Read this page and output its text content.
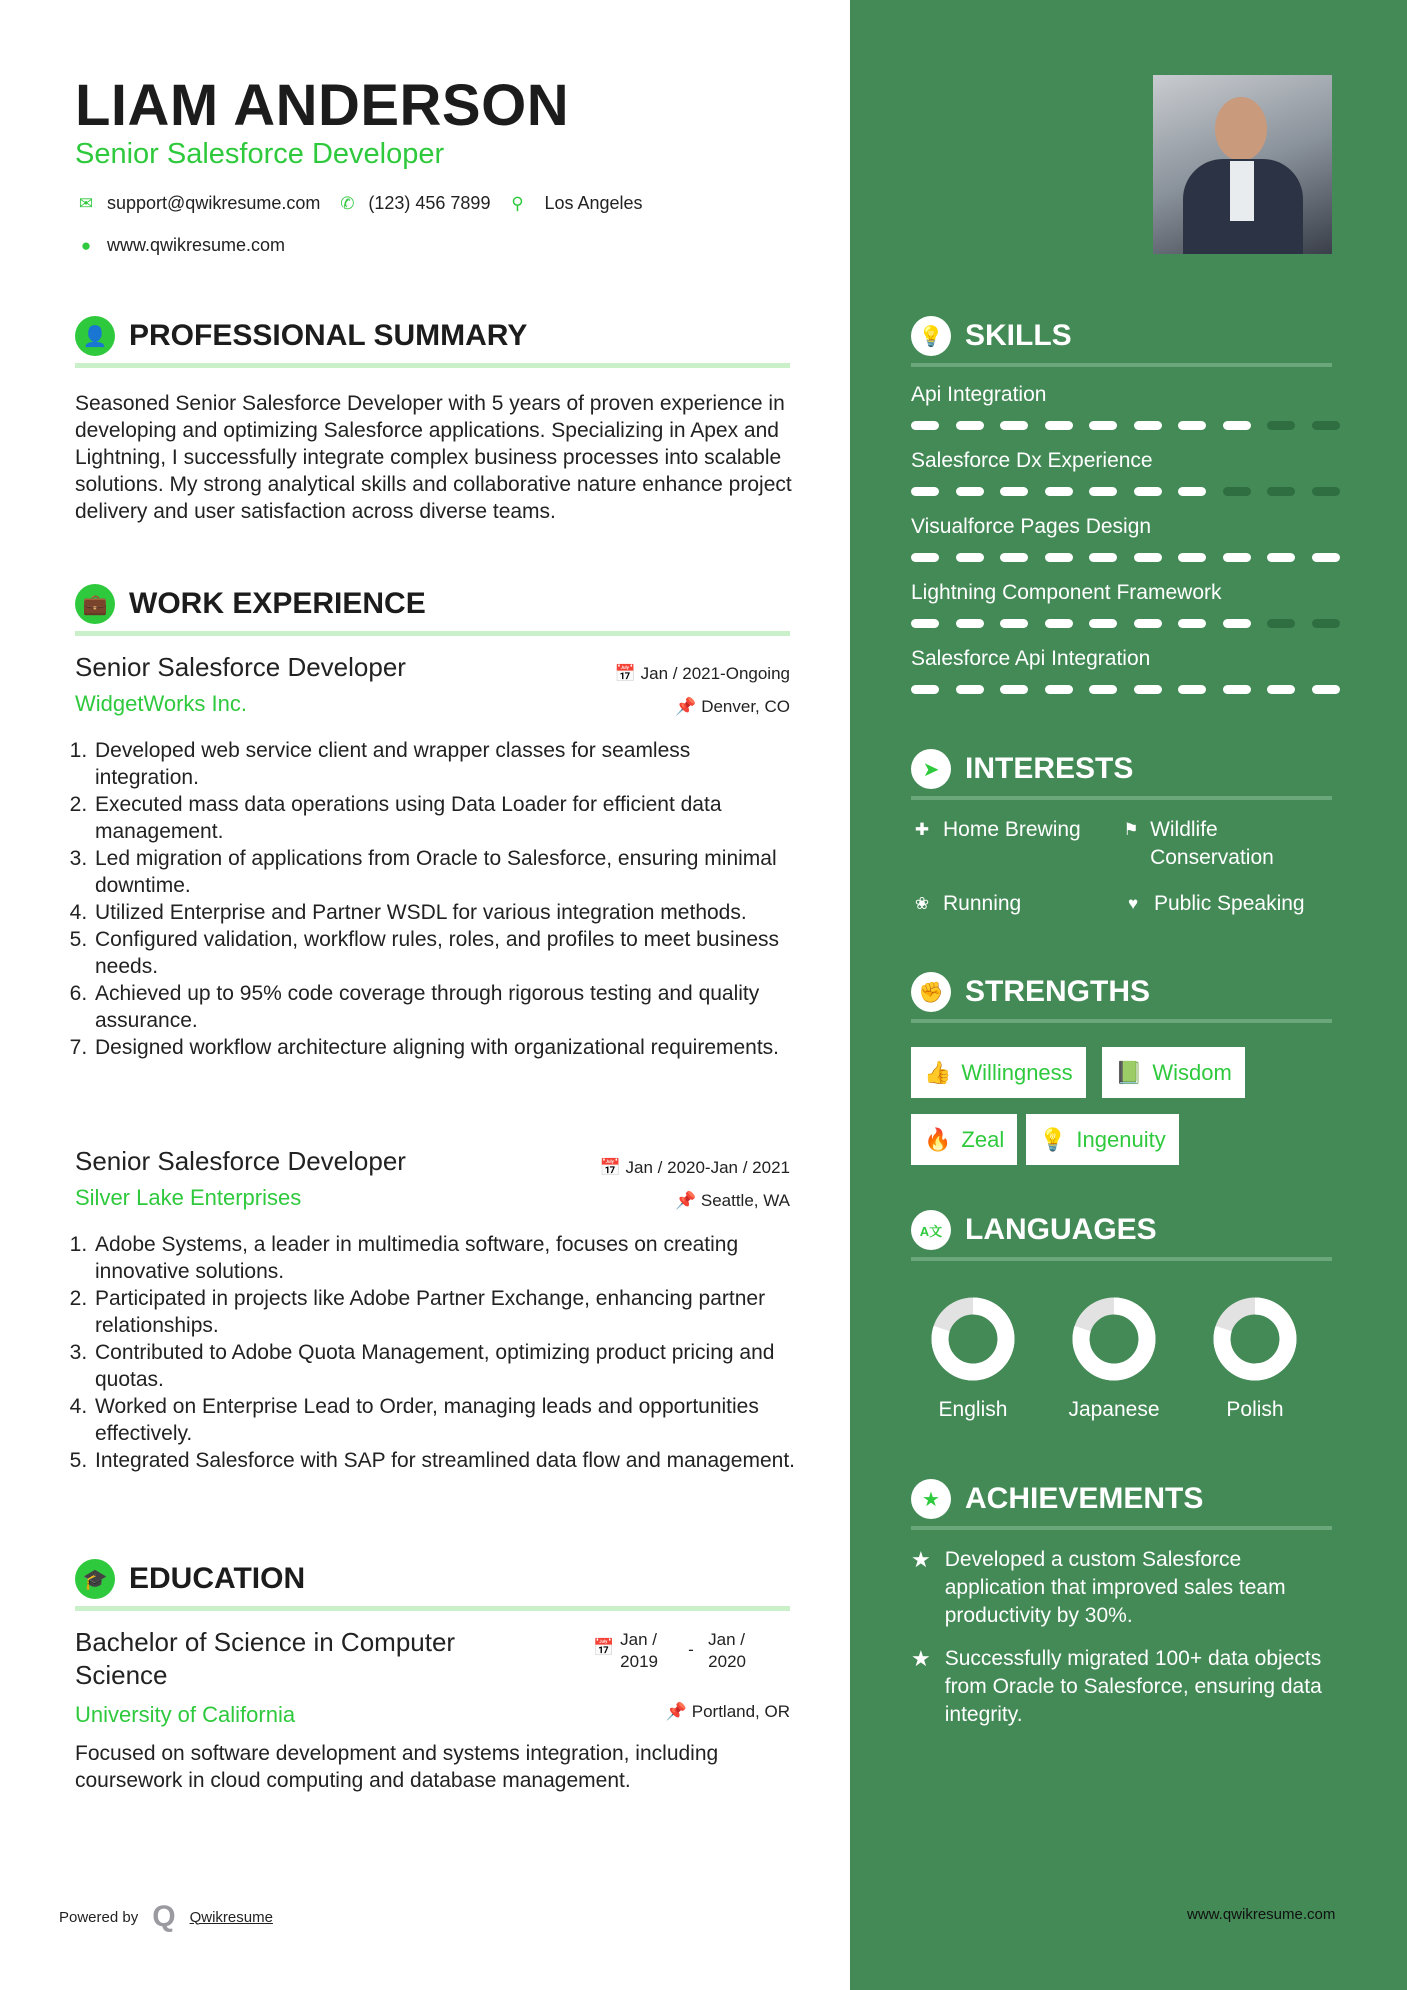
LIAM ANDERSON
Senior Salesforce Developer
✉ support@qwikresume.com ✆ (123) 456 7899 ⚲ Los Angeles
● www.qwikresume.com
👤 PROFESSIONAL SUMMARY
Seasoned Senior Salesforce Developer with 5 years of proven experience in developing and optimizing Salesforce applications. Specializing in Apex and Lightning, I successfully integrate complex business processes into scalable solutions. My strong analytical skills and collaborative nature enhance project delivery and user satisfaction across diverse teams.
💼 WORK EXPERIENCE
Senior Salesforce Developer	📅 Jan / 2021-Ongoing
WidgetWorks Inc.	📌 Denver, CO
1. Developed web service client and wrapper classes for seamless integration.
2. Executed mass data operations using Data Loader for efficient data management.
3. Led migration of applications from Oracle to Salesforce, ensuring minimal downtime.
4. Utilized Enterprise and Partner WSDL for various integration methods.
5. Configured validation, workflow rules, roles, and profiles to meet business needs.
6. Achieved up to 95% code coverage through rigorous testing and quality assurance.
7. Designed workflow architecture aligning with organizational requirements.
Senior Salesforce Developer	📅 Jan / 2020-Jan / 2021
Silver Lake Enterprises	📌 Seattle, WA
1. Adobe Systems, a leader in multimedia software, focuses on creating innovative solutions.
2. Participated in projects like Adobe Partner Exchange, enhancing partner relationships.
3. Contributed to Adobe Quota Management, optimizing product pricing and quotas.
4. Worked on Enterprise Lead to Order, managing leads and opportunities effectively.
5. Integrated Salesforce with SAP for streamlined data flow and management.
🎓 EDUCATION
Bachelor of Science in Computer Science
📅 Jan / 2019
-
Jan / 2020
University of California	📌 Portland, OR
Focused on software development and systems integration, including coursework in cloud computing and database management.
Powered by Q Qwikresume
💡 SKILLS
Api Integration
Salesforce Dx Experience
Visualforce Pages Design
Lightning Component Framework
Salesforce Api Integration
➤ INTERESTS
✚ Home Brewing	⚑ Wildlife Conservation
❀ Running	♥ Public Speaking
✊ STRENGTHS
👍 Willingness 📗 Wisdom
🔥 Zeal 💡 Ingenuity
A文 LANGUAGES
English	Japanese	Polish
★ ACHIEVEMENTS
★ Developed a custom Salesforce application that improved sales team productivity by 30%.
★ Successfully migrated 100+ data objects from Oracle to Salesforce, ensuring data integrity.
www.qwikresume.com
